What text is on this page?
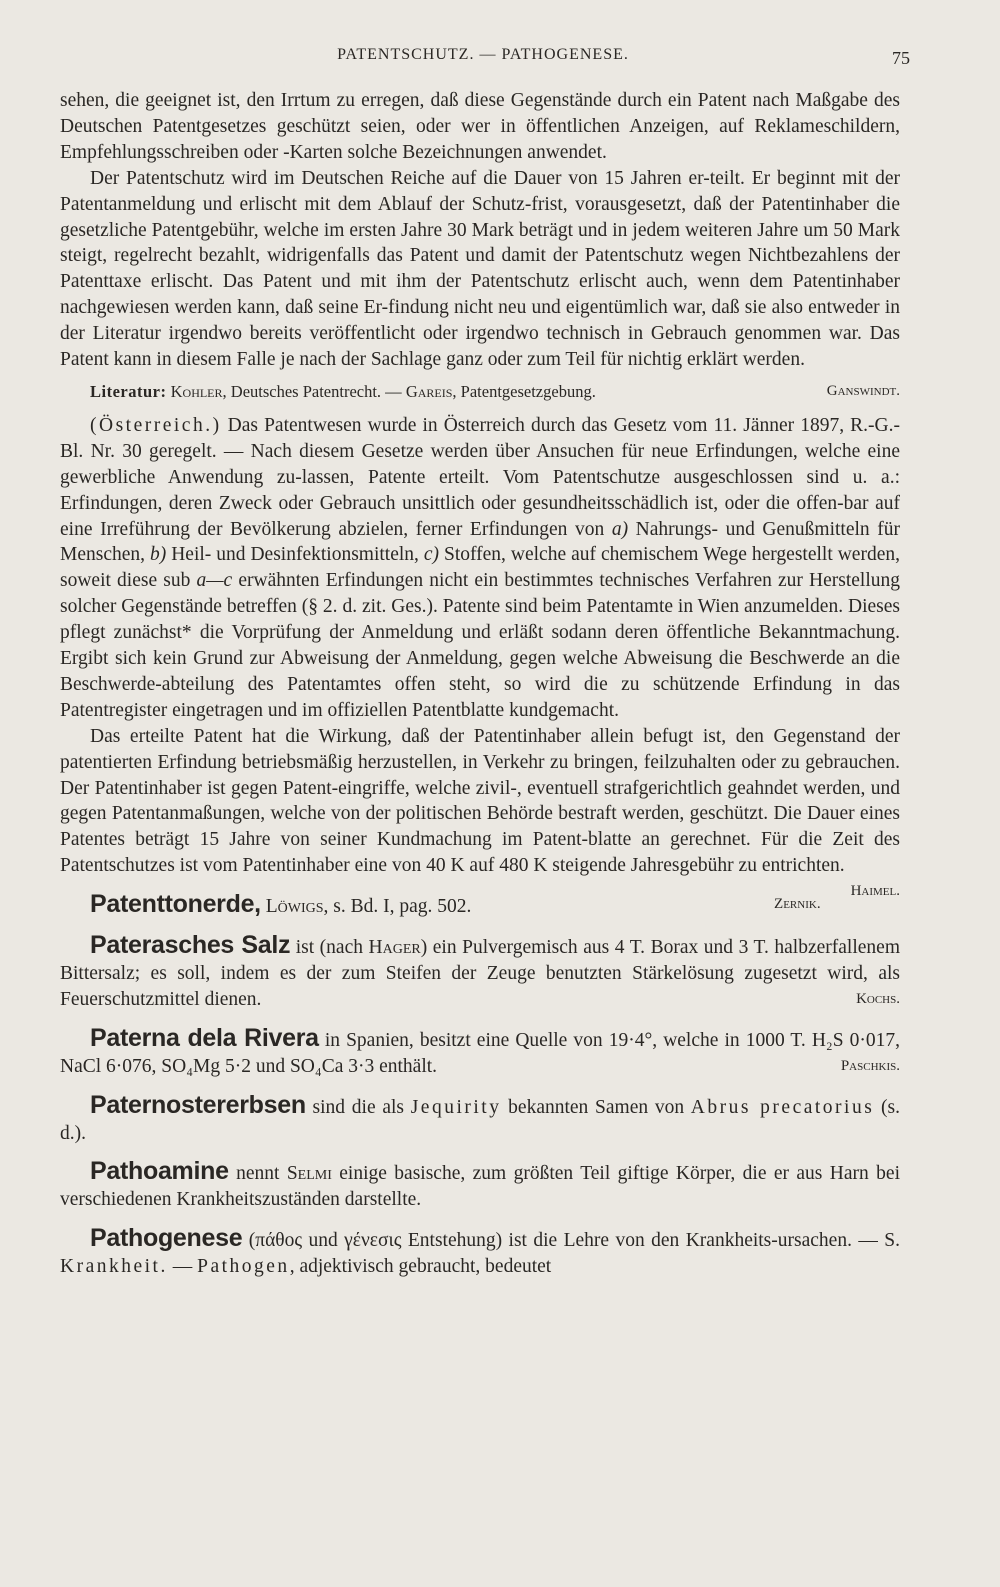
PATENTSCHUTZ. — PATHOGENESE.	75

sehen, die geeignet ist, den Irrtum zu erregen, daß diese Gegenstände durch ein Patent nach Maßgabe des Deutschen Patentgesetzes geschützt seien, oder wer in öffentlichen Anzeigen, auf Reklameschildern, Empfehlungsschreiben oder -Karten solche Bezeichnungen anwendet.

Der Patentschutz wird im Deutschen Reiche auf die Dauer von 15 Jahren er-teilt. Er beginnt mit der Patentanmeldung und erlischt mit dem Ablauf der Schutz-frist, vorausgesetzt, daß der Patentinhaber die gesetzliche Patentgebühr, welche im ersten Jahre 30 Mark beträgt und in jedem weiteren Jahre um 50 Mark steigt, regelrecht bezahlt, widrigenfalls das Patent und damit der Patentschutz wegen Nichtbezahlens der Patenttaxe erlischt. Das Patent und mit ihm der Patentschutz erlischt auch, wenn dem Patentinhaber nachgewiesen werden kann, daß seine Er-findung nicht neu und eigentümlich war, daß sie also entweder in der Literatur irgendwo bereits veröffentlicht oder irgendwo technisch in Gebrauch genommen war. Das Patent kann in diesem Falle je nach der Sachlage ganz oder zum Teil für nichtig erklärt werden.

Literatur: Kohler, Deutsches Patentrecht. — Gareis, Patentgesetzgebung.	Ganswindt.

(Österreich.) Das Patentwesen wurde in Österreich durch das Gesetz vom 11. Jänner 1897, R.-G.-Bl. Nr. 30 geregelt. — Nach diesem Gesetze werden über Ansuchen für neue Erfindungen, welche eine gewerbliche Anwendung zu-lassen, Patente erteilt. Vom Patentschutze ausgeschlossen sind u. a.: Erfindungen, deren Zweck oder Gebrauch unsittlich oder gesundheitsschädlich ist, oder die offen-bar auf eine Irreführung der Bevölkerung abzielen, ferner Erfindungen von a) Nahrungs- und Genußmitteln für Menschen, b) Heil- und Desinfektionsmitteln, c) Stoffen, welche auf chemischem Wege hergestellt werden, soweit diese sub a—c erwähnten Erfindungen nicht ein bestimmtes technisches Verfahren zur Herstellung solcher Gegenstände betreffen (§ 2. d. zit. Ges.). Patente sind beim Patentamte in Wien anzumelden. Dieses pflegt zunächst* die Vorprüfung der Anmeldung und erläßt sodann deren öffentliche Bekanntmachung. Ergibt sich kein Grund zur Abweisung der Anmeldung, gegen welche Abweisung die Beschwerde an die Beschwerde-abteilung des Patentamtes offen steht, so wird die zu schützende Erfindung in das Patentregister eingetragen und im offiziellen Patentblatte kundgemacht.

Das erteilte Patent hat die Wirkung, daß der Patentinhaber allein befugt ist, den Gegenstand der patentierten Erfindung betriebsmäßig herzustellen, in Verkehr zu bringen, feilzuhalten oder zu gebrauchen. Der Patentinhaber ist gegen Patent-eingriffe, welche zivil-, eventuell strafgerichtlich geahndet werden, und gegen Patentanmaßungen, welche von der politischen Behörde bestraft werden, geschützt. Die Dauer eines Patentes beträgt 15 Jahre von seiner Kundmachung im Patent-blatte an gerechnet. Für die Zeit des Patentschutzes ist vom Patentinhaber eine von 40 K auf 480 K steigende Jahresgebühr zu entrichten.
Haimel.

Patenttonerde, Löwigs, s. Bd. I, pag. 502.	Zernik.

Paterasches Salz ist (nach Hager) ein Pulvergemisch aus 4 T. Borax und 3 T. halbzerfallenem Bittersalz; es soll, indem es der zum Steifen der Zeuge benutzten Stärkelösung zugesetzt wird, als Feuerschutzmittel dienen.	Kochs.

Paterna dela Rivera in Spanien, besitzt eine Quelle von 19·4°, welche in 1000 T. H₂S 0·017, NaCl 6·076, SO₄Mg 5·2 und SO₄Ca 3·3 enthält.	Paschkis.

Paternostererbsen sind die als Jequirity bekannten Samen von Abrus precatorius (s. d.).

Pathoamine nennt Selmi einige basische, zum größten Teil giftige Körper, die er aus Harn bei verschiedenen Krankheitszuständen darstellte.

Pathogenese (πάθος und γένεσις Entstehung) ist die Lehre von den Krankheits-ursachen. — S. Krankheit. — Pathogen, adjektivisch gebraucht, bedeutet
